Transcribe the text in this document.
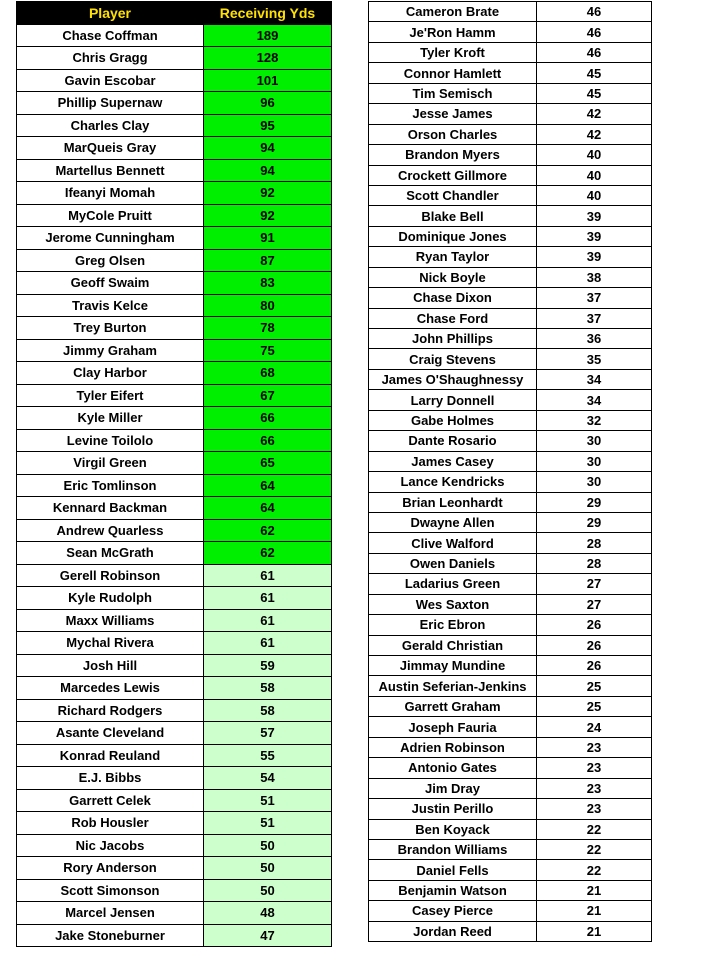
Player	Receiving Yds
Chase Coffman	189
Chris Gragg	128
Gavin Escobar	101
Phillip Supernaw	96
Charles Clay	95
MarQueis Gray	94
Martellus Bennett	94
Ifeanyi Momah	92
MyCole Pruitt	92
Jerome Cunningham	91
Greg Olsen	87
Geoff Swaim	83
Travis Kelce	80
Trey Burton	78
Jimmy Graham	75
Clay Harbor	68
Tyler Eifert	67
Kyle Miller	66
Levine Toilolo	66
Virgil Green	65
Eric Tomlinson	64
Kennard Backman	64
Andrew Quarless	62
Sean McGrath	62
Gerell Robinson	61
Kyle Rudolph	61
Maxx Williams	61
Mychal Rivera	61
Josh Hill	59
Marcedes Lewis	58
Richard Rodgers	58
Asante Cleveland	57
Konrad Reuland	55
E.J. Bibbs	54
Garrett Celek	51
Rob Housler	51
Nic Jacobs	50
Rory Anderson	50
Scott Simonson	50
Marcel Jensen	48
Jake Stoneburner	47
Cameron Brate	46
Je'Ron Hamm	46
Tyler Kroft	46
Connor Hamlett	45
Tim Semisch	45
Jesse James	42
Orson Charles	42
Brandon Myers	40
Crockett Gillmore	40
Scott Chandler	40
Blake Bell	39
Dominique Jones	39
Ryan Taylor	39
Nick Boyle	38
Chase Dixon	37
Chase Ford	37
John Phillips	36
Craig Stevens	35
James O'Shaughnessy	34
Larry Donnell	34
Gabe Holmes	32
Dante Rosario	30
James Casey	30
Lance Kendricks	30
Brian Leonhardt	29
Dwayne Allen	29
Clive Walford	28
Owen Daniels	28
Ladarius Green	27
Wes Saxton	27
Eric Ebron	26
Gerald Christian	26
Jimmay Mundine	26
Austin Seferian-Jenkins	25
Garrett Graham	25
Joseph Fauria	24
Adrien Robinson	23
Antonio Gates	23
Jim Dray	23
Justin Perillo	23
Ben Koyack	22
Brandon Williams	22
Daniel Fells	22
Benjamin Watson	21
Casey Pierce	21
Jordan Reed	21
